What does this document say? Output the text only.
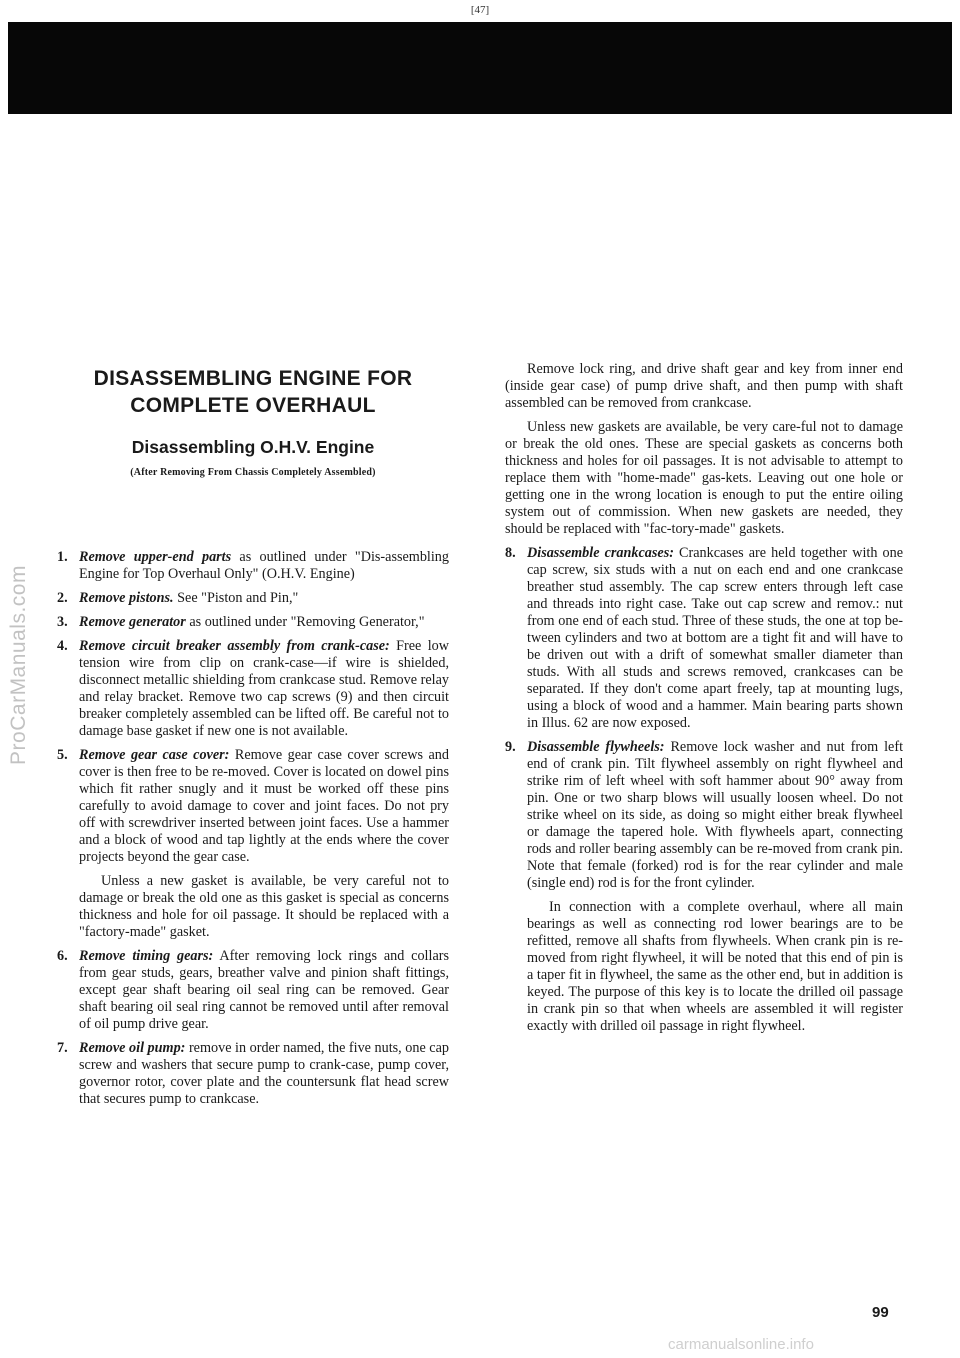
[47]
ProCarManuals.com
DISASSEMBLING ENGINE FOR
COMPLETE OVERHAUL
Disassembling O.H.V. Engine
(After Removing From Chassis Completely Assembled)
1. Remove upper-end parts as outlined under "Dis-assembling Engine for Top Overhaul Only" (O.H.V. Engine)
2. Remove pistons. See "Piston and Pin,"
3. Remove generator as outlined under "Removing Generator,"
4. Remove circuit breaker assembly from crank-case: Free low tension wire from clip on crank-case—if wire is shielded, disconnect metallic shielding from crankcase stud. Remove relay and relay bracket. Remove two cap screws (9) and then circuit breaker completely assembled can be lifted off. Be careful not to damage base gasket if new one is not available.
5. Remove gear case cover: Remove gear case cover screws and cover is then free to be re-moved. Cover is located on dowel pins which fit rather snugly and it must be worked off these pins carefully to avoid damage to cover and joint faces. Do not pry off with screwdriver inserted between joint faces. Use a hammer and a block of wood and tap lightly at the ends where the cover projects beyond the gear case.

Unless a new gasket is available, be very careful not to damage or break the old one as this gasket is special as concerns thickness and hole for oil passage. It should be replaced with a "factory-made" gasket.

6. Remove timing gears: After removing lock rings and collars from gear studs, gears, breather valve and pinion shaft fittings, except gear shaft bearing oil seal ring can be removed. Gear shaft bearing oil seal ring cannot be removed until after removal of oil pump drive gear.
7. Remove oil pump: remove in order named, the five nuts, one cap screw and washers that secure pump to crank-case, pump cover, governor rotor, cover plate and the countersunk flat head screw that secures pump to crankcase.

Remove lock ring, and drive shaft gear and key from inner end (inside gear case) of pump drive shaft, and then pump with shaft assembled can be removed from crankcase.

Unless new gaskets are available, be very care-ful not to damage or break the old ones. These are special gaskets as concerns both thickness and holes for oil passages. It is not advisable to attempt to replace them with "home-made" gas-kets. Leaving out one hole or getting one in the wrong location is enough to put the entire oiling system out of commission. When new gaskets are needed, they should be replaced with "fac-tory-made" gaskets.

8. Disassemble crankcases: Crankcases are held together with one cap screw, six studs with a nut on each end and one crankcase breather stud assembly. The cap screw enters through left case and threads into right case. Take out cap screw and remov.: nut from one end of each stud. Three of these studs, the one at top be-tween cylinders and two at bottom are a tight fit and will have to be driven out with a drift of somewhat smaller diameter than studs. With all studs and screws removed, crankcases can be separated. If they don't come apart freely, tap at mounting lugs, using a block of wood and a hammer. Main bearing parts shown in Illus. 62 are now exposed.
9. Disassemble flywheels: Remove lock washer and nut from left end of crank pin. Tilt flywheel assembly on right flywheel and strike rim of left wheel with soft hammer about 90° away from pin. One or two sharp blows will usually loosen wheel. Do not strike wheel on its side, as doing so might either break flywheel or damage the tapered hole. With flywheels apart, connecting rods and roller bearing assembly can be re-moved from crank pin. Note that female (forked) rod is for the rear cylinder and male (single end) rod is for the front cylinder.

In connection with a complete overhaul, where all main bearings as well as connecting rod lower bearings are to be refitted, remove all shafts from flywheels. When crank pin is re-moved from right flywheel, it will be noted that this end of pin is a taper fit in flywheel, the same as the other end, but in addition is keyed. The purpose of this key is to locate the drilled oil passage in crank pin so that when wheels are assembled it will register exactly with drilled oil passage in right flywheel.

99
carmanualsonline.info
